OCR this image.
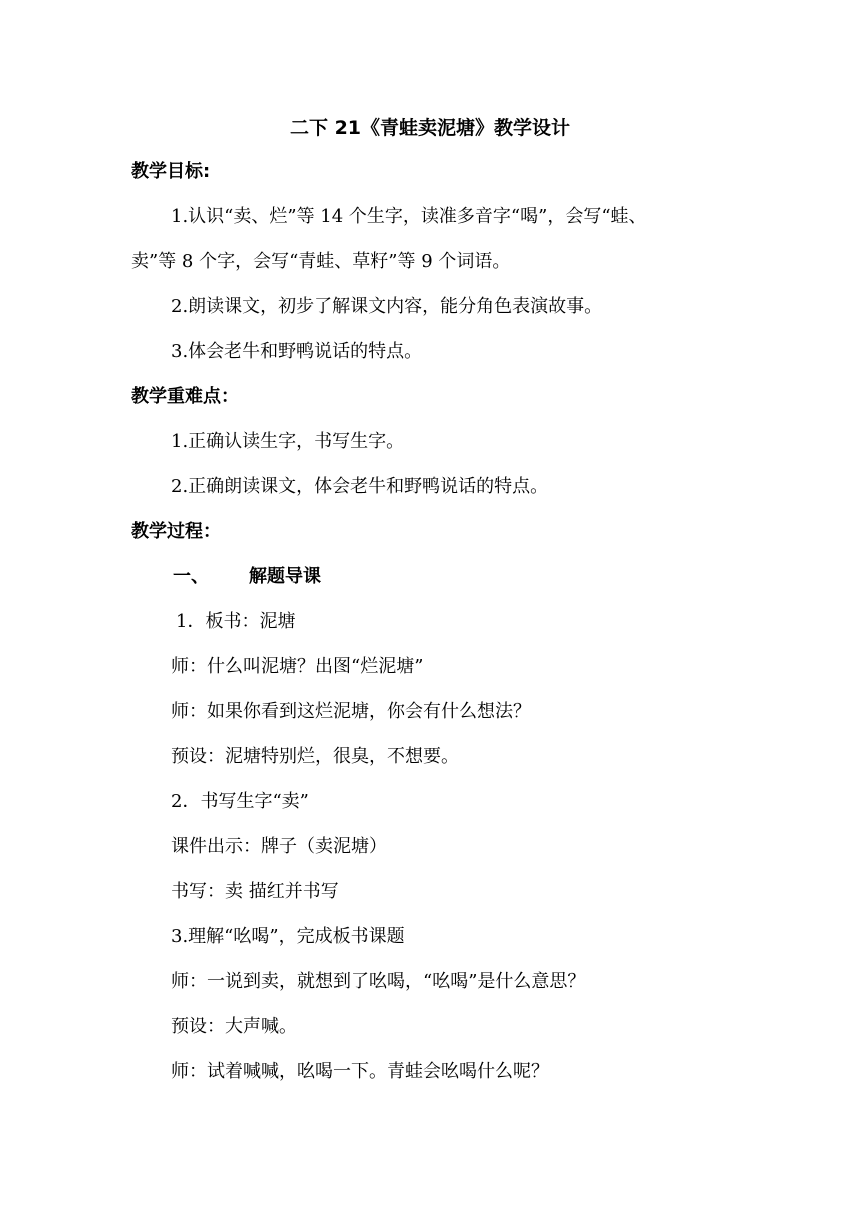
二下 21《青蛙卖泥塘》教学设计
教学目标:
1.认识“卖、烂”等 14 个生字，读准多音字“喝”，会写“蛙、
卖”等 8 个字，会写“青蛙、草籽”等 9 个词语。
2.朗读课文，初步了解课文内容，能分角色表演故事。
3.体会老牛和野鸭说话的特点。
教学重难点：
1.正确认读生字，书写生字。
2.正确朗读课文，体会老牛和野鸭说话的特点。
教学过程：
一、 解题导课
1．板书：泥塘
师：什么叫泥塘？出图“烂泥塘”
师：如果你看到这烂泥塘，你会有什么想法？
预设：泥塘特别烂，很臭，不想要。
2．书写生字“卖”
课件出示：牌子（卖泥塘）
书写：卖 描红并书写
3.理解“吆喝”，完成板书课题
师：一说到卖，就想到了吆喝，“吆喝”是什么意思？
预设：大声喊。
师：试着喊喊，吆喝一下。青蛙会吆喝什么呢？
